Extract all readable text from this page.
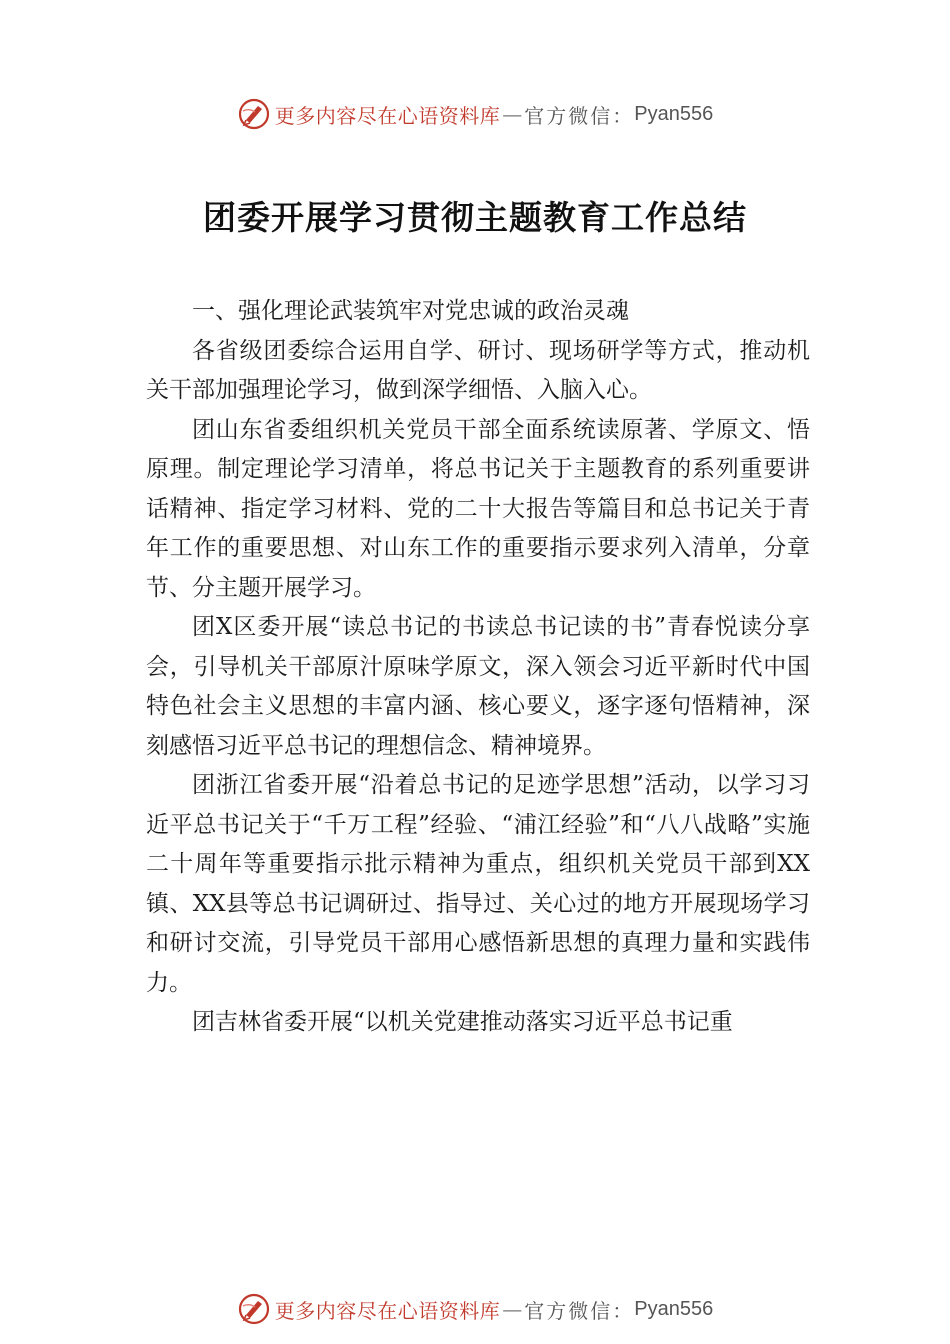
更多内容尽在心语资料库 — 官方微信： Pyan556
团委开展学习贯彻主题教育工作总结

一、强化理论武装筑牢对党忠诚的政治灵魂

各省级团委综合运用自学、研讨、现场研学等方式，推动机关干部加强理论学习，做到深学细悟、入脑入心。

团山东省委组织机关党员干部全面系统读原著、学原文、悟原理。制定理论学习清单，将总书记关于主题教育的系列重要讲话精神、指定学习材料、党的二十大报告等篇目和总书记关于青年工作的重要思想、对山东工作的重要指示要求列入清单，分章节、分主题开展学习。

团X区委开展“读总书记的书读总书记读的书”青春悦读分享会，引导机关干部原汁原味学原文，深入领会习近平新时代中国特色社会主义思想的丰富内涵、核心要义，逐字逐句悟精神，深刻感悟习近平总书记的理想信念、精神境界。

团浙江省委开展“沿着总书记的足迹学思想”活动，以学习习近平总书记关于“千万工程”经验、“浦江经验”和“八八战略”实施二十周年等重要指示批示精神为重点，组织机关党员干部到XX镇、XX县等总书记调研过、指导过、关心过的地方开展现场学习和研讨交流，引导党员干部用心感悟新思想的真理力量和实践伟力。

团吉林省委开展“以机关党建推动落实习近平总书记重

更多内容尽在心语资料库 — 官方微信： Pyan556
